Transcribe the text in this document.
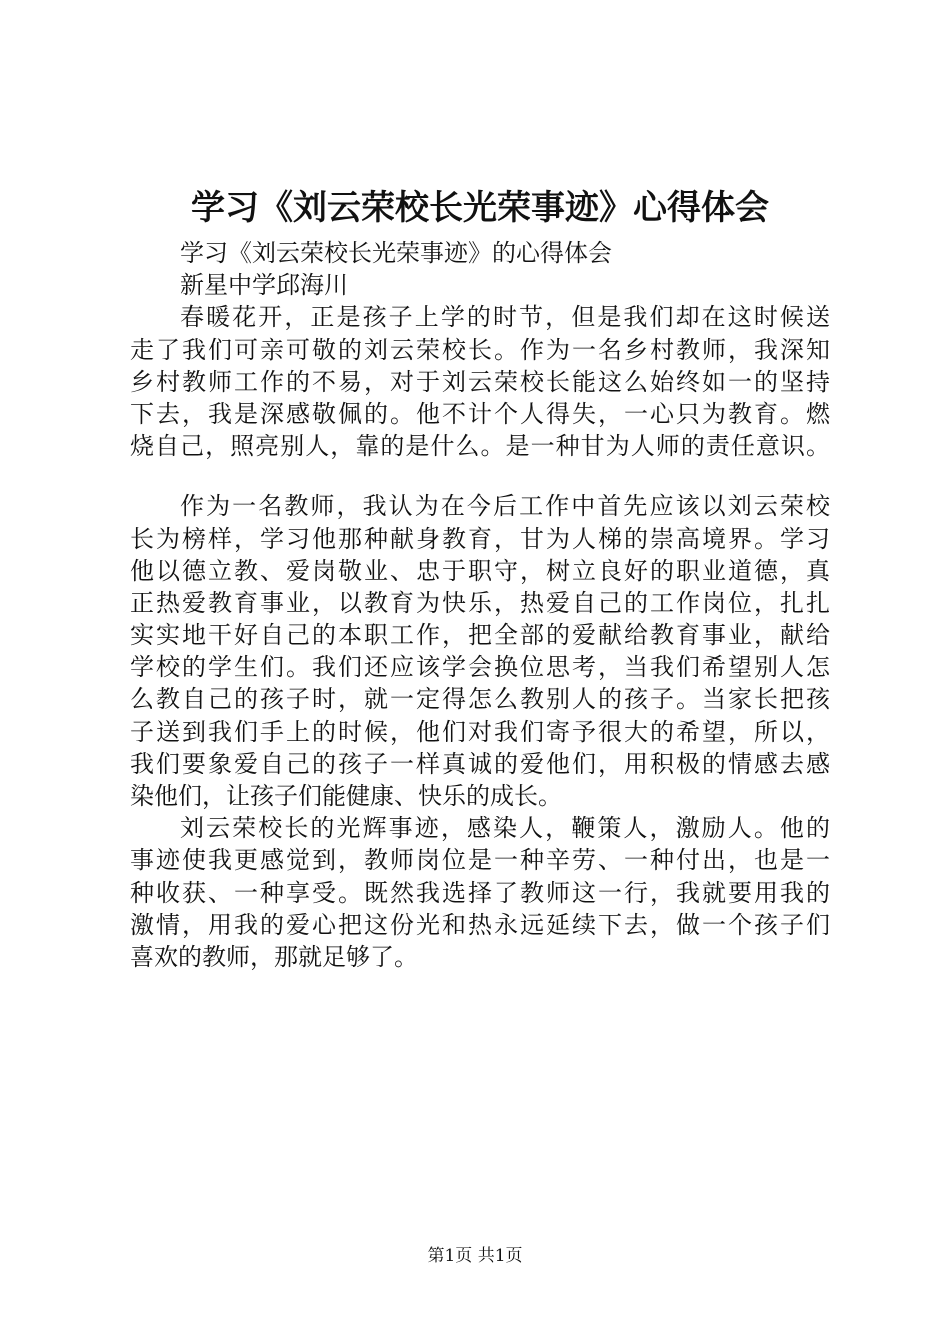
学习《刘云荣校长光荣事迹》心得体会
学习《刘云荣校长光荣事迹》的心得体会
新星中学邱海川
春暖花开，正是孩子上学的时节，但是我们却在这时候送
走了我们可亲可敬的刘云荣校长。作为一名乡村教师，我深知
乡村教师工作的不易，对于刘云荣校长能这么始终如一的坚持
下去，我是深感敬佩的。他不计个人得失，一心只为教育。燃
烧自己，照亮别人，靠的是什么。是一种甘为人师的责任意识。
作为一名教师，我认为在今后工作中首先应该以刘云荣校
长为榜样，学习他那种献身教育，甘为人梯的崇高境界。学习
他以德立教、爱岗敬业、忠于职守，树立良好的职业道德，真
正热爱教育事业，以教育为快乐，热爱自己的工作岗位，扎扎
实实地干好自己的本职工作，把全部的爱献给教育事业，献给
学校的学生们。我们还应该学会换位思考，当我们希望别人怎
么教自己的孩子时，就一定得怎么教别人的孩子。当家长把孩
子送到我们手上的时候，他们对我们寄予很大的希望，所以，
我们要象爱自己的孩子一样真诚的爱他们，用积极的情感去感
染他们，让孩子们能健康、快乐的成长。
刘云荣校长的光辉事迹，感染人，鞭策人，激励人。他的
事迹使我更感觉到，教师岗位是一种辛劳、一种付出，也是一
种收获、一种享受。既然我选择了教师这一行，我就要用我的
激情，用我的爱心把这份光和热永远延续下去，做一个孩子们
喜欢的教师，那就足够了。
第1页 共1页
